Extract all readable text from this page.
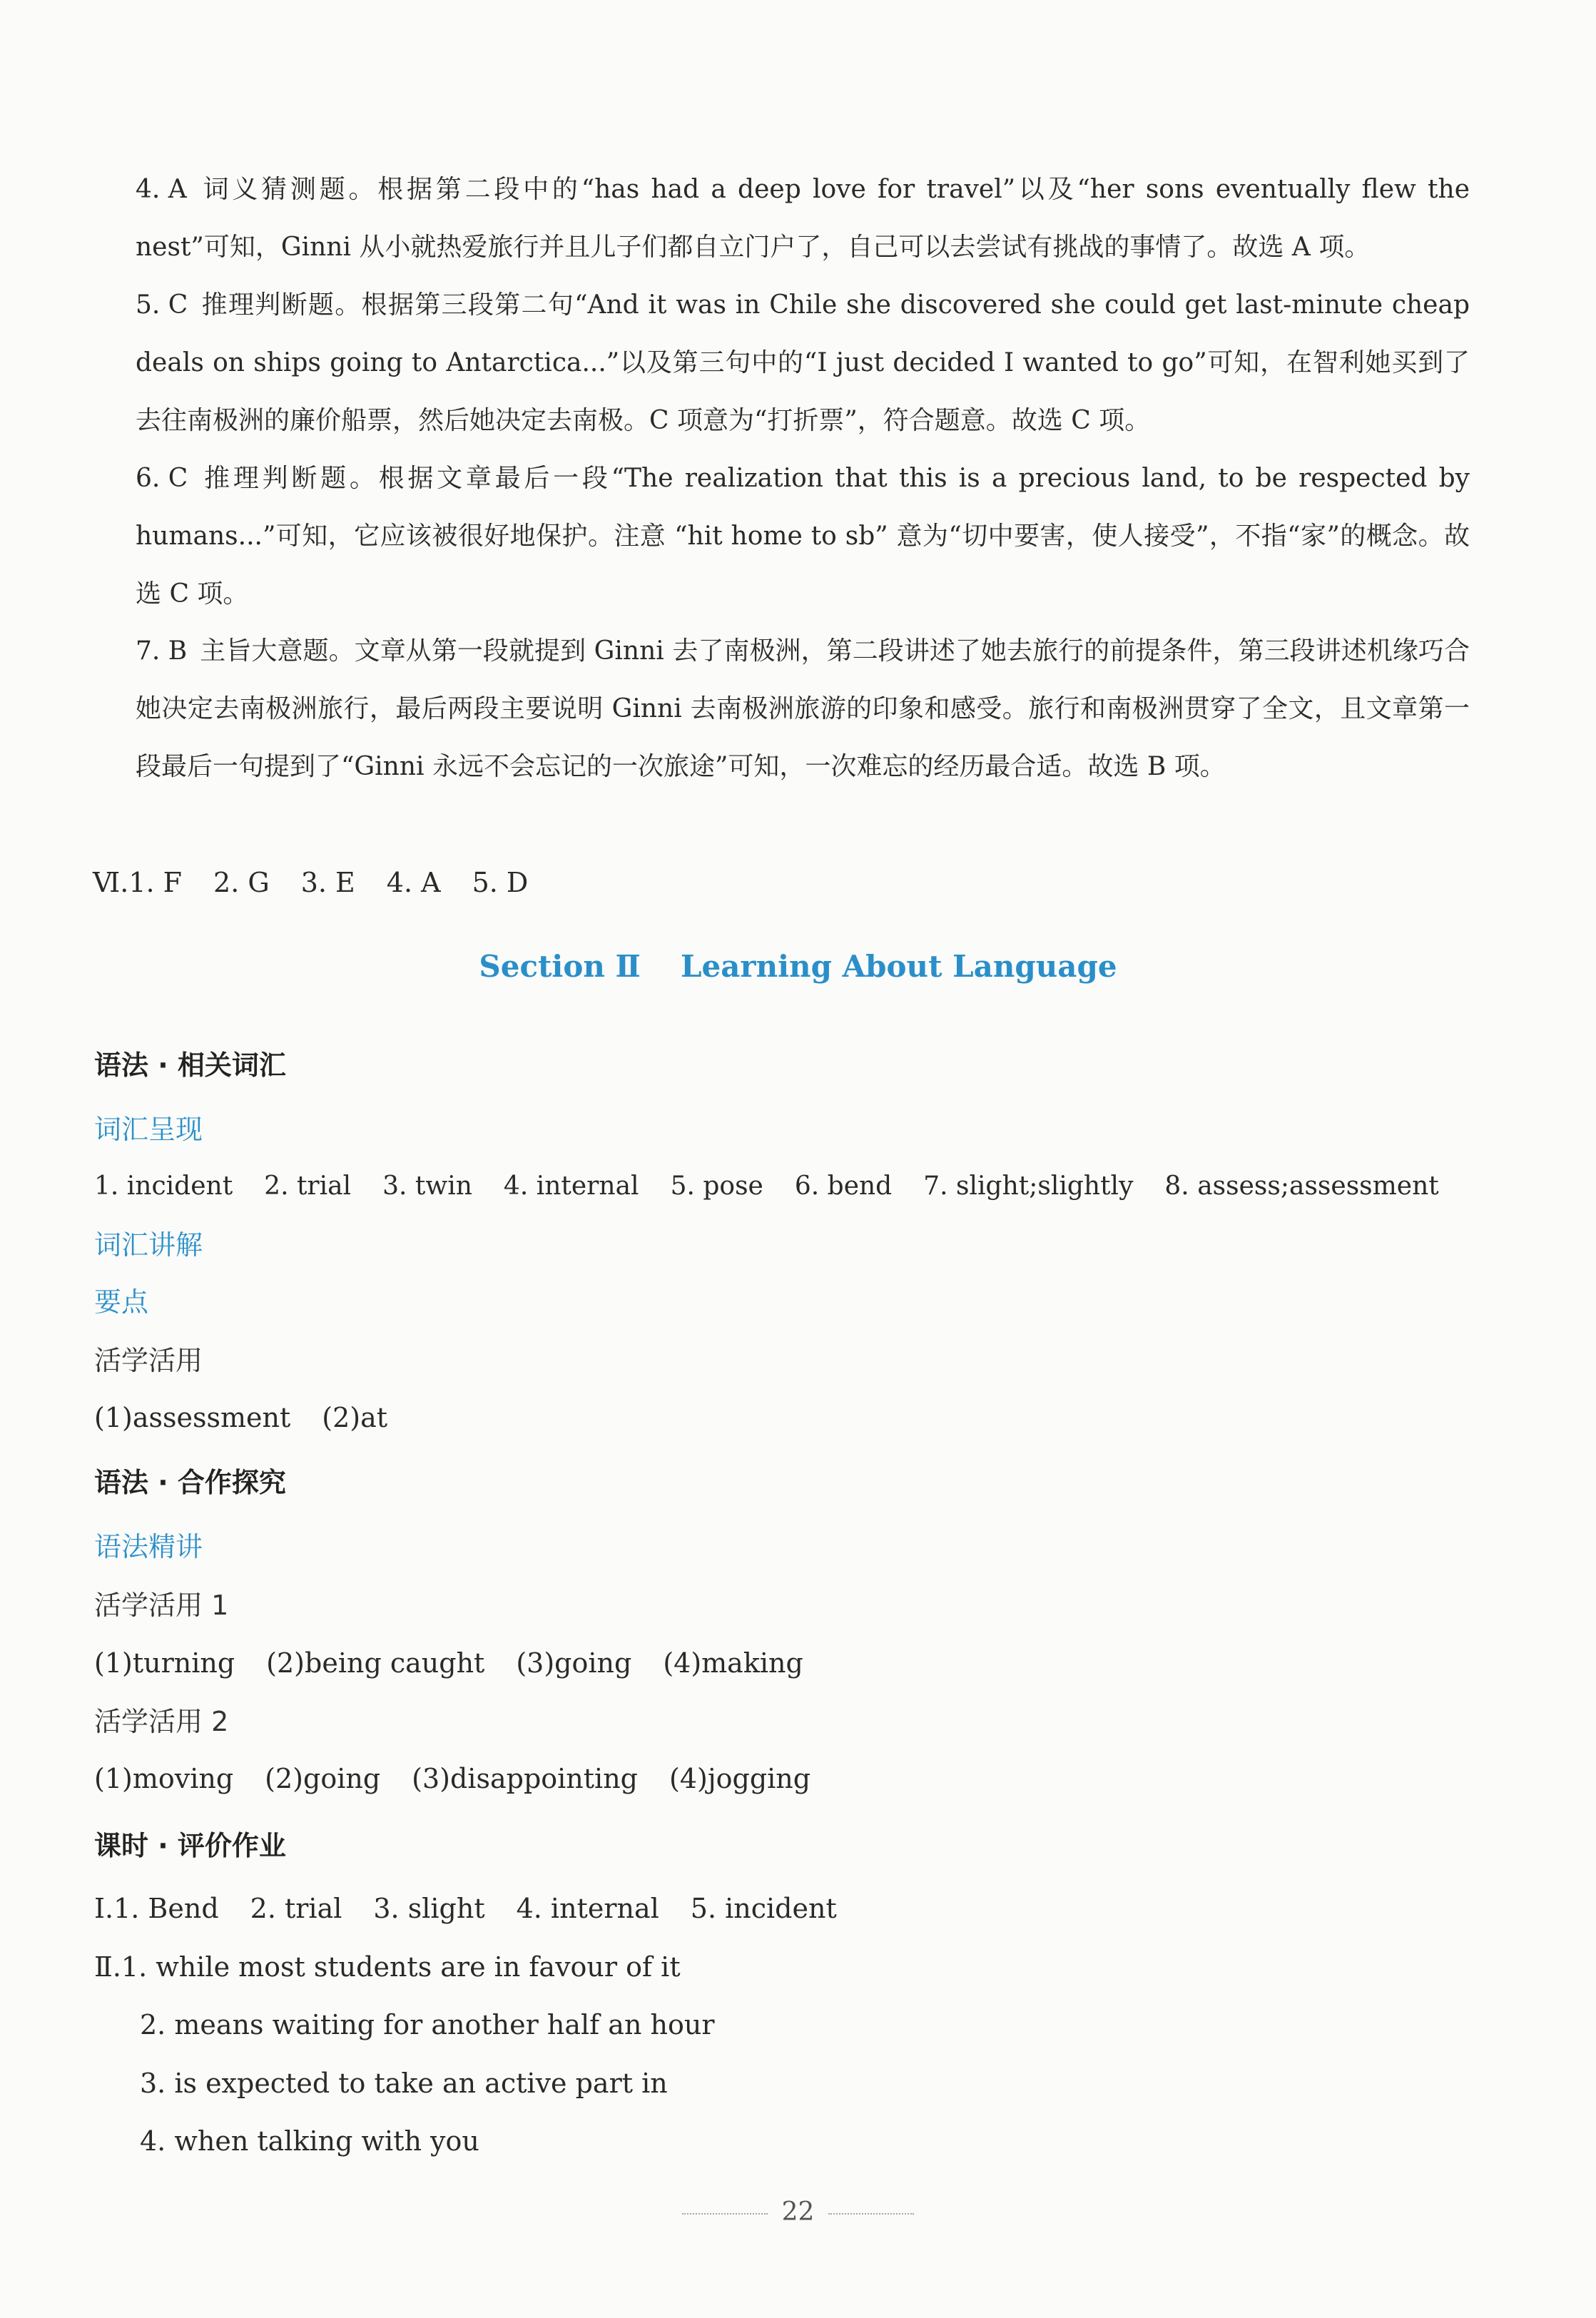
4. A 词义猜测题。根据第二段中的“has had a deep love for travel”以及“her sons eventually flew the nest”可知，Ginni 从小就热爱旅行并且儿子们都自立门户了，自己可以去尝试有挑战的事情了。故选 A 项。

5. C 推理判断题。根据第三段第二句“And it was in Chile she discovered she could get last-minute cheap deals on ships going to Antarctica...”以及第三句中的“I just decided I wanted to go”可知，在智利她买到了去往南极洲的廉价船票，然后她决定去南极。C 项意为“打折票”，符合题意。故选 C 项。

6. C 推理判断题。根据文章最后一段“The realization that this is a precious land, to be respected by humans...”可知，它应该被很好地保护。注意 “hit home to sb” 意为“切中要害，使人接受”，不指“家”的概念。故选 C 项。

7. B 主旨大意题。文章从第一段就提到 Ginni 去了南极洲，第二段讲述了她去旅行的前提条件，第三段讲述机缘巧合她决定去南极洲旅行，最后两段主要说明 Ginni 去南极洲旅游的印象和感受。旅行和南极洲贯穿了全文，且文章第一段最后一句提到了“Ginni 永远不会忘记的一次旅途”可知，一次难忘的经历最合适。故选 B 项。

Ⅵ.1. F 2. G 3. E 4. A 5. D
Section Ⅱ Learning About Language
语法 · 相关词汇
词汇呈现
1. incident 2. trial 3. twin 4. internal 5. pose 6. bend 7. slight;slightly 8. assess;assessment
词汇讲解
要点
活学活用
(1)assessment (2)at
语法 · 合作探究
语法精讲
活学活用 1
(1)turning (2)being caught (3)going (4)making
活学活用 2
(1)moving (2)going (3)disappointing (4)jogging
课时 · 评价作业
Ⅰ.1. Bend 2. trial 3. slight 4. internal 5. incident
Ⅱ.1. while most students are in favour of it
2. means waiting for another half an hour
3. is expected to take an active part in
4. when talking with you
22
